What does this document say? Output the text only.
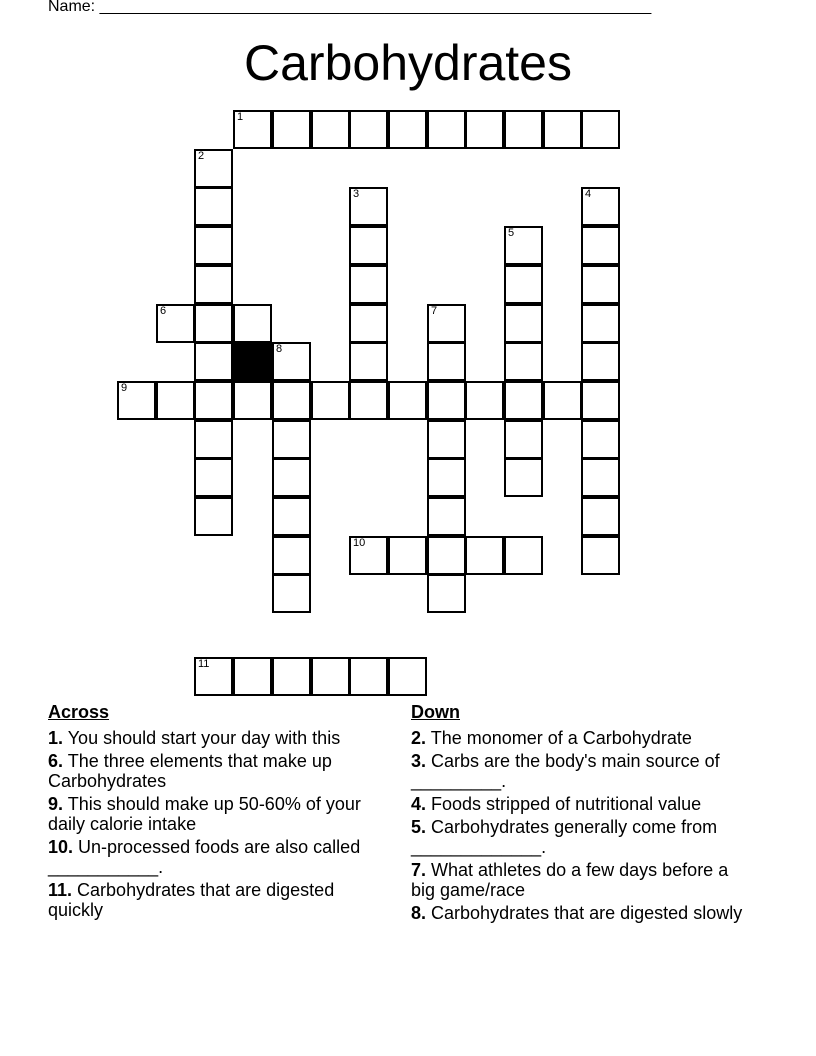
Name: ______________________________________________________________
Carbohydrates
1
2
3	4
5
6	7
8
9
10
11
Across
1. You should start your day with this
6. The three elements that make up Carbohydrates
9. This should make up 50-60% of your daily calorie intake
10. Un-processed foods are also called ___________.
11. Carbohydrates that are digested quickly
Down
2. The monomer of a Carbohydrate
3. Carbs are the body's main source of _________.
4. Foods stripped of nutritional value
5. Carbohydrates generally come from _____________.
7. What athletes do a few days before a big game/race
8. Carbohydrates that are digested slowly
